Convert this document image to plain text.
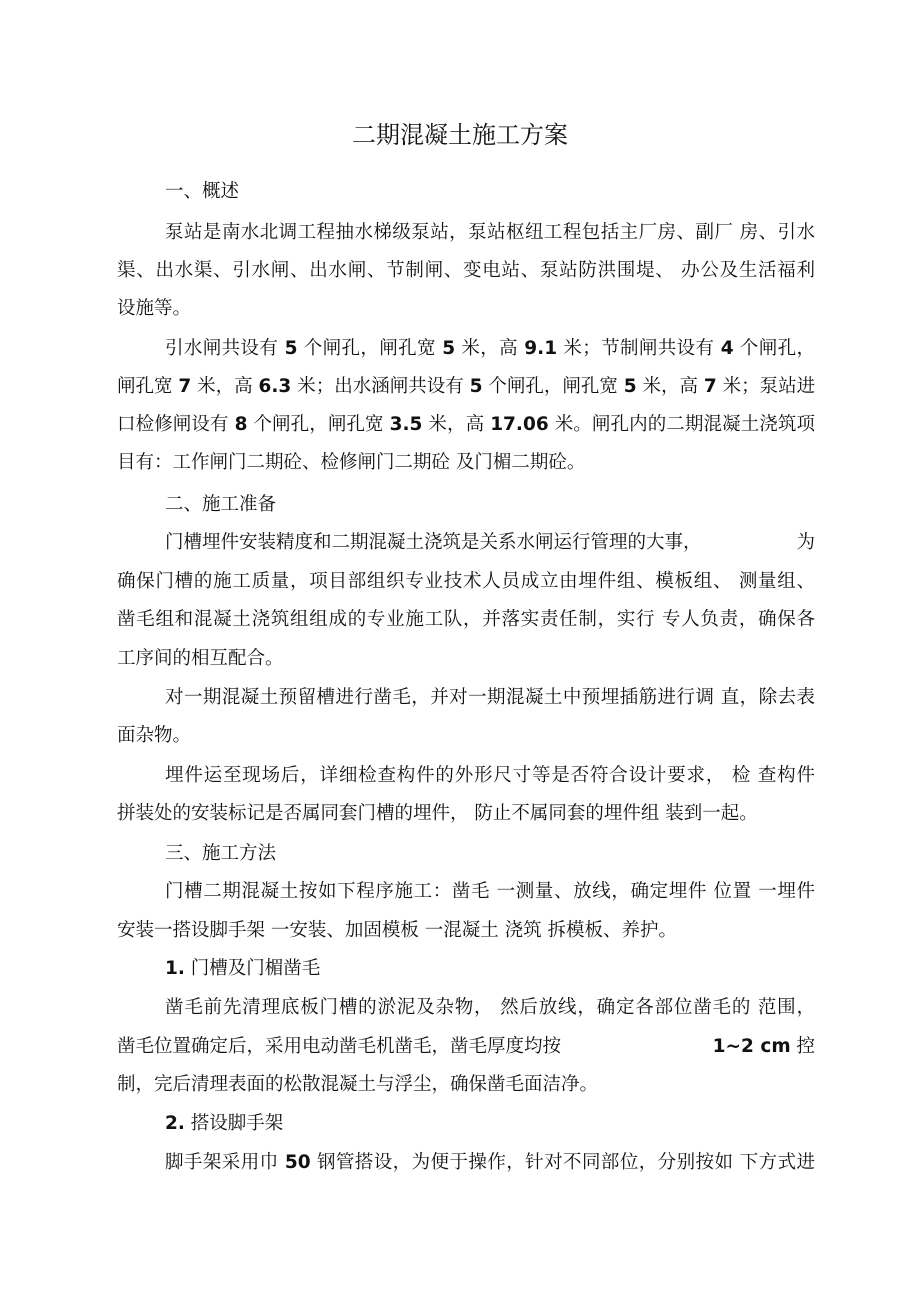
二期混凝土施工方案
一、概述
泵站是南水北调工程抽水梯级泵站，泵站枢纽工程包括主厂房、副厂 房、引水
渠、出水渠、引水闸、出水闸、节制闸、变电站、泵站防洪围堤、 办公及生活福利
设施等。
引水闸共设有 5 个闸孔，闸孔宽 5 米，高 9.1 米；节制闸共设有 4 个闸孔，
闸孔宽 7 米，高 6.3 米；出水涵闸共设有 5 个闸孔，闸孔宽 5 米，高 7 米；泵站进
口检修闸设有 8 个闸孔，闸孔宽 3.5 米，高 17.06 米。闸孔内的二期混凝土浇筑项
目有：工作闸门二期砼、检修闸门二期砼 及门楣二期砼。
二、施工准备
门槽埋件安装精度和二期混凝土浇筑是关系水闸运行管理的大事，	为
确保门槽的施工质量，项目部组织专业技术人员成立由埋件组、模板组、 测量组、
凿毛组和混凝土浇筑组组成的专业施工队，并落实责任制，实行 专人负责，确保各
工序间的相互配合。
对一期混凝土预留槽进行凿毛，并对一期混凝土中预埋插筋进行调 直，除去表
面杂物。
埋件运至现场后，详细检查构件的外形尺寸等是否符合设计要求， 检 查构件
拼装处的安装标记是否属同套门槽的埋件， 防止不属同套的埋件组 装到一起。
三、施工方法
门槽二期混凝土按如下程序施工：凿毛 一测量、放线，确定埋件 位置 一埋件
安装一搭设脚手架 一安装、加固模板 一混凝土 浇筑 拆模板、养护。
1. 门槽及门楣凿毛
凿毛前先清理底板门槽的淤泥及杂物， 然后放线，确定各部位凿毛的 范围，
凿毛位置确定后，采用电动凿毛机凿毛，凿毛厚度均按	1~2 cm 控
制，完后清理表面的松散混凝土与浮尘，确保凿毛面洁净。
2. 搭设脚手架
脚手架采用巾 50 钢管搭设，为便于操作，针对不同部位，分别按如 下方式进
